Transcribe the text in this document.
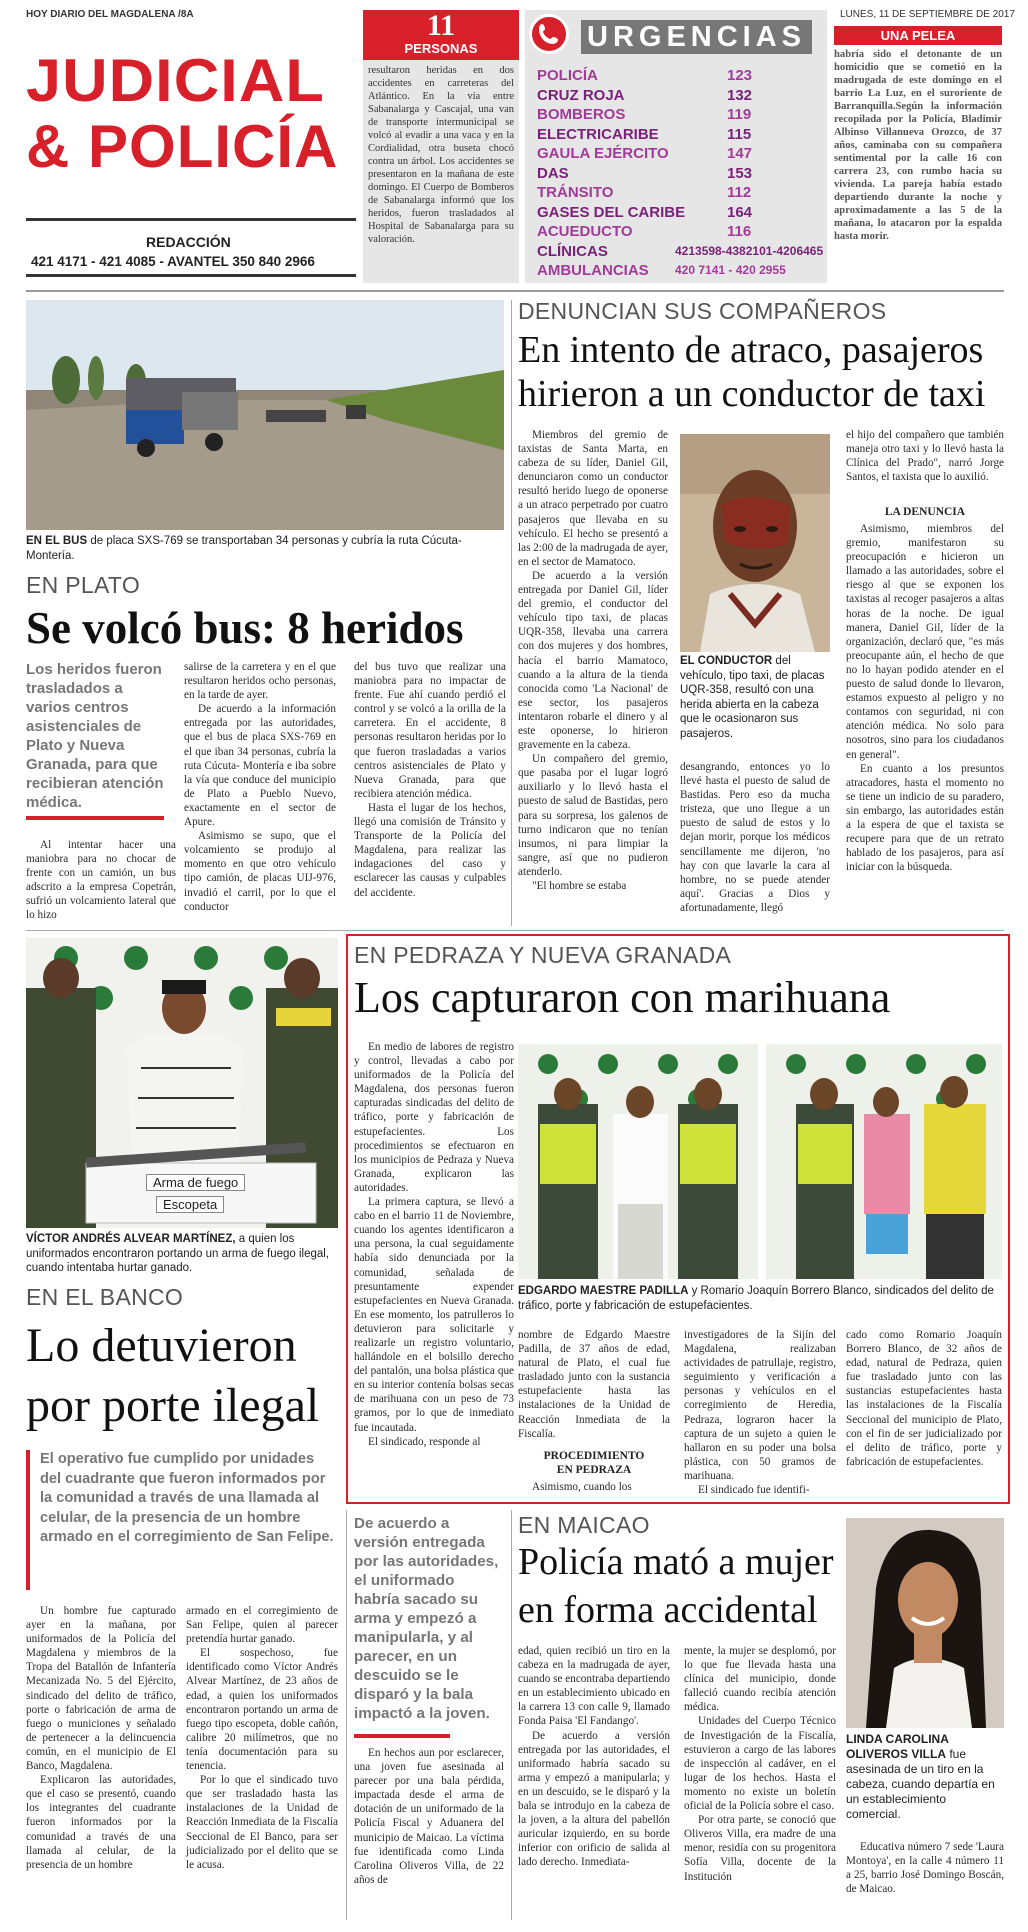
HOY DIARIO DEL MAGDALENA /8A
JUDICIAL
& POLICÍA
REDACCIÓN
421 4171 - 421 4085 - AVANTEL 350 840 2966
11
PERSONAS
resultaron heridas en dos accidentes en carreteras del Atlántico. En la vía entre Sabanalarga y Cascajal, una van de transporte intermunicipal se volcó al evadir a una vaca y en la Cordialidad, otra buseta chocó contra un árbol. Los accidentes se presentaron en la mañana de este domingo. El Cuerpo de Bomberos de Sabanalarga informó que los heridos, fueron trasladados al Hospital de Sabanalarga para su valoración.
URGENCIAS
POLICÍA	123
CRUZ ROJA	132
BOMBEROS	119
ELECTRICARIBE	115
GAULA EJÉRCITO	147
DAS	153
TRÁNSITO	112
GASES DEL CARIBE	164
ACUEDUCTO	116
CLÍNICAS	4213598-4382101-4206465
AMBULANCIAS 420 7141 - 420 2955
LUNES, 11 DE SEPTIEMBRE DE 2017
UNA PELEA
habría sido el detonante de un homicidio que se cometió en la madrugada de este domingo en el barrio La Luz, en el suroriente de Barranquilla.Según la información recopilada por la Policía, Bladimir Albinso Villanueva Orozco, de 37 años, caminaba con su compañera sentimental por la calle 16 con carrera 23, con rumbo hacia su vivienda. La pareja había estado departiendo durante la noche y aproximadamente a las 5 de la mañana, lo atacaron por la espalda hasta morir.
EN EL BUS de placa SXS-769 se transportaban 34 personas y cubría la ruta Cúcuta- Montería.
EN PLATO
Se volcó bus: 8 heridos
Los heridos fueron trasladados a varios centros asistenciales de Plato y Nueva Granada, para que recibieran atención médica.
Al intentar hacer una maniobra para no chocar de frente con un camión, un bus adscrito a la empresa Copetrán, sufrió un volcamiento lateral que lo hizo

salirse de la carretera y en el que resultaron heridos ocho personas, en la tarde de ayer.

De acuerdo a la información entregada por las autoridades, que el bus de placa SXS-769 en el que iban 34 personas, cubría la ruta Cúcuta- Montería e iba sobre la vía que conduce del municipio de Plato a Pueblo Nuevo, exactamente en el sector de Apure.

Asimismo se supo, que el volcamiento se produjo al momento en que otro vehículo tipo camión, de placas UIJ-976, invadió el carril, por lo que el conductor

del bus tuvo que realizar una maniobra para no impactar de frente. Fue ahí cuando perdió el control y se volcó a la orilla de la carretera. En el accidente, 8 personas resultaron heridas por lo que fueron trasladadas a varios centros asistenciales de Plato y Nueva Granada, para que recibiera atención médica.

Hasta el lugar de los hechos, llegó una comisión de Tránsito y Transporte de la Policía del Magdalena, para realizar las indagaciones del caso y esclarecer las causas y culpables del accidente.

DENUNCIAN SUS COMPAÑEROS
En intento de atraco, pasajeros hirieron a un conductor de taxi

Miembros del gremio de taxistas de Santa Marta, en cabeza de su líder, Daniel Gil, denunciaron como un conductor resultó herido luego de oponerse a un atraco perpetrado por cuatro pasajeros que llevaba en su vehículo. El hecho se presentó a las 2:00 de la madrugada de ayer, en el sector de Mamatoco.

De acuerdo a la versión entregada por Daniel Gil, líder del gremio, el conductor del vehículo tipo taxi, de placas UQR-358, llevaba una carrera con dos mujeres y dos hombres, hacía el barrio Mamatoco, cuando a la altura de la tienda conocida como 'La Nacional' de ese sector, los pasajeros intentaron robarle el dinero y al este oponerse, lo hirieron gravemente en la cabeza.

Un compañero del gremio, que pasaba por el lugar logró auxiliarlo y lo llevó hasta el puesto de salud de Bastidas, pero para su sorpresa, los galenos de turno indicaron que no tenían insumos, ni para limpiar la sangre, así que no pudieron atenderlo.

"El hombre se estaba

EL CONDUCTOR del vehículo, tipo taxi, de placas UQR-358, resultó con una herida abierta en la cabeza que le ocasionaron sus pasajeros.
desangrando, entonces yo lo llevé hasta el puesto de salud de Bastidas. Pero eso da mucha tristeza, que uno llegue a un puesto de salud de estos y lo dejan morir, porque los médicos sencillamente me dijeron, 'no hay con que lavarle la cara al hombre, no se puede atender aquí'. Gracias a Dios y afortunadamente, llegó
el hijo del compañero que también maneja otro taxi y lo llevó hasta la Clínica del Prado", narró Jorge Santos, el taxista que lo auxilió.
LA DENUNCIA

Asimismo, miembros del gremio, manifestaron su preocupación e hicieron un llamado a las autoridades, sobre el riesgo al que se exponen los taxistas al recoger pasajeros a altas horas de la noche. De igual manera, Daniel Gil, líder de la organización, declaró que, "es más preocupante aún, el hecho de que no lo hayan podido atender en el puesto de salud donde lo llevaron, estamos expuesto al peligro y no contamos con seguridad, ni con atención médica. No solo para nosotros, sino para los ciudadanos en general".

En cuanto a los presuntos atracadores, hasta el momento no se tiene un indicio de su paradero, sin embargo, las autoridades están a la espera de que el taxista se recupere para que de un retrato hablado de los pasajeros, para así iniciar con la búsqueda.

Arma de fuego
Escopeta
VÍCTOR ANDRÉS ALVEAR MARTÍNEZ, a quien los uniformados encontraron portando un arma de fuego ilegal, cuando intentaba hurtar ganado.
EN EL BANCO
Lo detuvieron por porte ilegal
El operativo fue cumplido por unidades del cuadrante que fueron informados por la comunidad a través de una llamada al celular, de la presencia de un hombre armado en el corregimiento de San Felipe.

Un hombre fue capturado ayer en la mañana, por uniformados de la Policía del Magdalena y miembros de la Tropa del Batallón de Infantería Mecanizada No. 5 del Ejército, sindicado del delito de tráfico, porte o fabricación de arma de fuego o municiones y señalado de pertenecer a la delincuencia común, en el municipio de El Banco, Magdalena.

Explicaron las autoridades, que el caso se presentó, cuando los integrantes del cuadrante fueron informados por la comunidad a través de una llamada al celular, de la presencia de un hombre

armado en el corregimiento de San Felipe, quien al parecer pretendía hurtar ganado.

El sospechoso, fue identificado como Víctor Andrés Alvear Martínez, de 23 años de edad, a quien los uniformados encontraron portando un arma de fuego tipo escopeta, doble cañón, calibre 20 milímetros, que no tenía documentación para su tenencia.

Por lo que el sindicado tuvo que ser trasladado hasta las instalaciones de la Unidad de Reacción Inmediata de la Fiscalía Seccional de El Banco, para ser judicializado por el delito que se le acusa.

EN PEDRAZA Y NUEVA GRANADA
Los capturaron con marihuana

En medio de labores de registro y control, llevadas a cabo por uniformados de la Policía del Magdalena, dos personas fueron capturadas sindicadas del delito de tráfico, porte y fabricación de estupefacientes. Los procedimientos se efectuaron en los municipios de Pedraza y Nueva Granada, explicaron las autoridades.

La primera captura, se llevó a cabo en el barrio 11 de Noviembre, cuando los agentes identificaron a una persona, la cual seguidamente había sido denunciada por la comunidad, señalada de presuntamente expender estupefacientes en Nueva Granada. En ese momento, los patrulleros lo detuvieron para solicitarle y realizarle un registro voluntario, hallándole en el bolsillo derecho del pantalón, una bolsa plástica que en su interior contenía bolsas secas de marihuana con un peso de 73 gramos, por lo que de inmediato fue incautada.

El sindicado, responde al

EDGARDO MAESTRE PADILLA y Romario Joaquín Borrero Blanco, sindicados del delito de tráfico, porte y fabricación de estupefacientes.
nombre de Edgardo Maestre Padilla, de 37 años de edad, natural de Plato, el cual fue trasladado junto con la sustancia estupefaciente hasta las instalaciones de la Unidad de Reacción Inmediata de la Fiscalía.
PROCEDIMIENTO
EN PEDRAZA
Asimismo, cuando los

investigadores de la Sijín del Magdalena, realizaban actividades de patrullaje, registro, seguimiento y verificación a personas y vehículos en el corregimiento de Heredia, Pedraza, lograron hacer la captura de un sujeto a quien le hallaron en su poder una bolsa plástica, con 50 gramos de marihuana.

El sindicado fue identifi-

cado como Romario Joaquín Borrero Blanco, de 32 años de edad, natural de Pedraza, quien fue trasladado junto con las sustancias estupefacientes hasta las instalaciones de la Fiscalía Seccional del municipio de Plato, con el fin de ser judicializado por el delito de tráfico, porte y fabricación de estupefacientes.
De acuerdo a versión entregada por las autoridades, el uniformado habría sacado su arma y empezó a manipularla, y al parecer, en un descuido se le disparó y la bala impactó a la joven.
En hechos aun por esclarecer, una joven fue asesinada al parecer por una bala pérdida, impactada desde el arma de dotación de un uniformado de la Policía Fiscal y Aduanera del municipio de Maicao. La víctima fue identificada como Linda Carolina Oliveros Villa, de 22 años de
EN MAICAO
Policía mató a mujer en forma accidental

edad, quien recibió un tiro en la cabeza en la madrugada de ayer, cuando se encontraba departiendo en un establecimiento ubicado en la carrera 13 con calle 9, llamado Fonda Paisa 'El Fandango'.

De acuerdo a versión entregada por las autoridades, el uniformado habría sacado su arma y empezó a manipularla; y en un descuido, se le disparó y la bala se introdujo en la cabeza de la joven, a la altura del pabellón auricular izquierdo, en su borde inferior con orificio de salida al lado derecho. Inmediata-

mente, la mujer se desplomó, por lo que fue llevada hasta una clínica del municipio, donde falleció cuando recibía atención médica.

Unidades del Cuerpo Técnico de Investigación de la Fiscalía, estuvieron a cargo de las labores de inspección al cadáver, en el lugar de los hechos. Hasta el momento no existe un boletín oficial de la Policía sobre el caso.

Por otra parte, se conoció que Oliveros Villa, era madre de una menor, residía con su progenitora Sofía Villa, docente de la Institución

LINDA CAROLINA OLIVEROS VILLA fue asesinada de un tiro en la cabeza, cuando departía en un establecimiento comercial.
Educativa número 7 sede 'Laura Montoya', en la calle 4 número 11 a 25, barrio José Domingo Boscán, de Maicao.
